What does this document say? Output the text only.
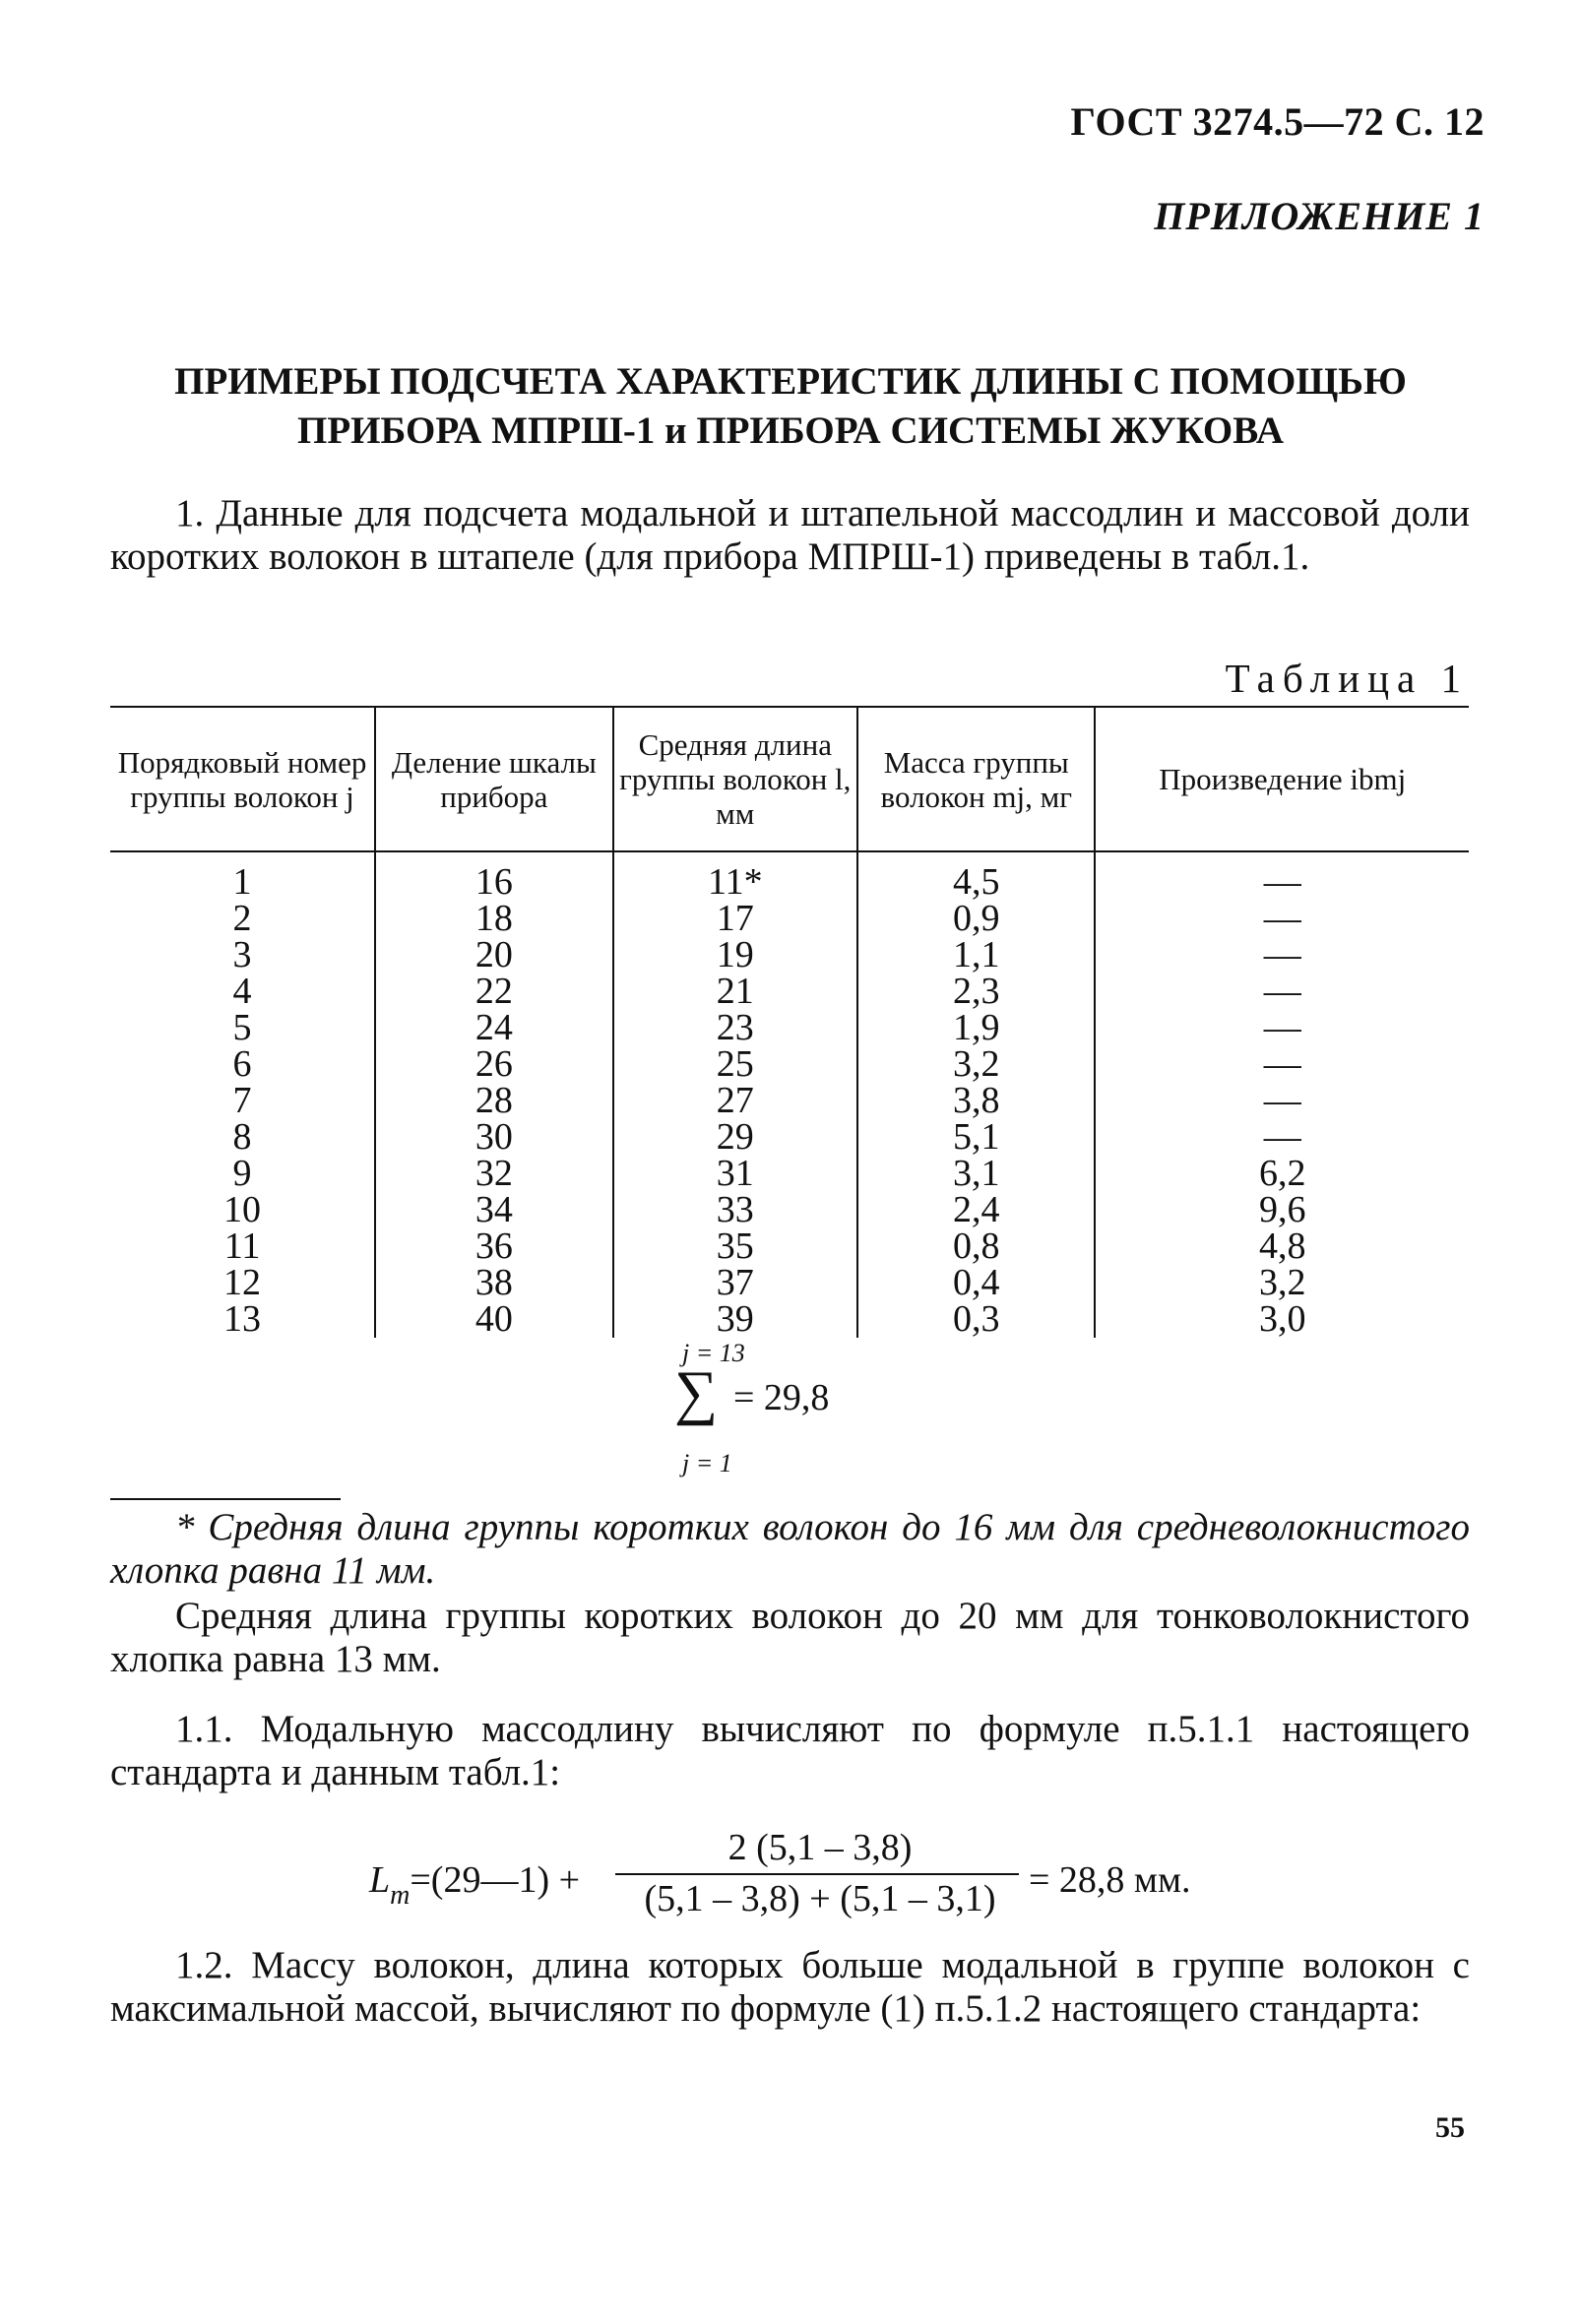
ГОСТ 3274.5—72 С. 12
ПРИЛОЖЕНИЕ 1
ПРИМЕРЫ ПОДСЧЕТА ХАРАКТЕРИСТИК ДЛИНЫ С ПОМОЩЬЮ
ПРИБОРА МПРШ-1 и ПРИБОРА СИСТЕМЫ ЖУКОВА
1. Данные для подсчета модальной и штапельной массодлин и массовой доли коротких волокон в штапеле (для прибора МПРШ-1) приведены в табл.1.
Таблица 1
Порядковый номер группы волокон j	Деление шкалы прибора	Средняя длина группы волокон l, мм	Масса группы волокон mj, мг	Произведение ibmj
1	16	11*	4,5	—
2	18	17	0,9	—
3	20	19	1,1	—
4	22	21	2,3	—
5	24	23	1,9	—
6	26	25	3,2	—
7	28	27	3,8	—
8	30	29	5,1	—
9	32	31	3,1	6,2
10	34	33	2,4	9,6
11	36	35	0,8	4,8
12	38	37	0,4	3,2
13	40	39	0,3	3,0
j = 13
∑ = 29,8
j = 1
* Средняя длина группы коротких волокон до 16 мм для средневолокнистого хлопка равна 11 мм.
Средняя длина группы коротких волокон до 20 мм для тонковолокнистого хлопка равна 13 мм.
1.1. Модальную массодлину вычисляют по формуле п.5.1.1 настоящего стандарта и данным табл.1:
$L_m=(29—1)$ +
2 (5,1 – 3,8)
(5,1 – 3,8) + (5,1 – 3,1) = 28,8 мм.
1.2. Массу волокон, длина которых больше модальной в группе волокон с максимальной массой, вычисляют по формуле (1) п.5.1.2 настоящего стандарта:
55
